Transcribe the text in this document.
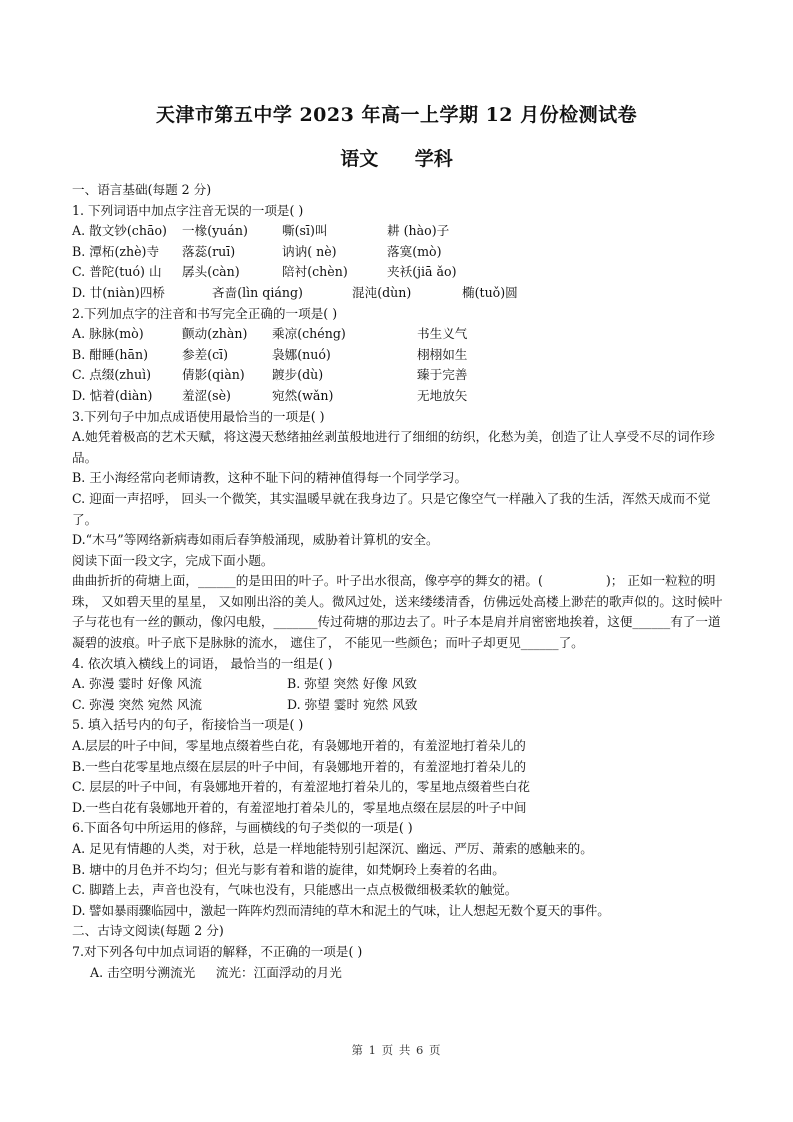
天津市第五中学 2023 年高一上学期 12 月份检测试卷
语文 学科
一、语言基础(每题 2 分)
1. 下列词语中加点字注音无误的一项是( )
A. 散文钞(chāo)	一椽(yuán)	嘶(sī)叫	耕 (hào)子
B. 潭柘(zhè)寺	落蕊(ruī)	讷讷( nè)	落寞(mò)
C. 普陀(tuó) 山	孱头(càn)	陪衬(chèn)	夹袄(jiā ǎo)
D. 廿(niàn)四桥	吝啬(lìn qiáng)	混沌(dùn)	椭(tuǒ)圆
2.下列加点字的注音和书写完全正确的一项是( )
A. 脉脉(mò)	颤动(zhàn)	乘凉(chéng)	书生义气
B. 酣睡(hān)	参差(cī)	袅娜(nuó)	栩栩如生
C. 点缀(zhuì)	倩影(qiàn)	踱步(dù)	臻于完善
D. 惦着(diàn)	羞涩(sè)	宛然(wǎn)	无地放矢
3.下列句子中加点成语使用最恰当的一项是( )
A.她凭着极高的艺术天赋，将这漫天愁绪抽丝剥茧般地进行了细细的纺织，化愁为美，创造了让人享受不尽的词作珍品。
B. 王小海经常向老师请教，这种不耻下问的精神值得每一个同学学习。
C. 迎面一声招呼， 回头一个微笑，其实温暖早就在我身边了。只是它像空气一样融入了我的生活，浑然天成而不觉了。
D.“木马”等网络新病毒如雨后春笋般涌现，威胁着计算机的安全。
阅读下面一段文字，完成下面小题。
曲曲折折的荷塘上面，______的是田田的叶子。叶子出水很高，像亭亭的舞女的裙。(　　　　　)； 正如一粒粒的明珠， 又如碧天里的星星， 又如刚出浴的美人。微风过处，送来缕缕清香，仿佛远处高楼上渺茫的歌声似的。这时候叶子与花也有一丝的颤动，像闪电般，_______传过荷塘的那边去了。叶子本是肩并肩密密地挨着，这便______有了一道凝碧的波痕。叶子底下是脉脉的流水， 遮住了， 不能见一些颜色；而叶子却更见______了。
4. 依次填入横线上的词语， 最恰当的一组是( )
A. 弥漫 霎时 好像 风流	B. 弥望 突然 好像 风致
C. 弥漫 突然 宛然 风流	D. 弥望 霎时 宛然 风致
5. 填入括号内的句子，衔接恰当一项是( )
A.层层的叶子中间，零星地点缀着些白花，有袅娜地开着的，有羞涩地打着朵儿的
B.一些白花零星地点缀在层层的叶子中间，有袅娜地开着的，有羞涩地打着朵儿的
C. 层层的叶子中间，有袅娜地开着的，有羞涩地打着朵儿的，零星地点缀着些白花
D.一些白花有袅娜地开着的，有羞涩地打着朵儿的，零星地点缀在层层的叶子中间
6.下面各句中所运用的修辞，与画横线的句子类似的一项是( )
A. 足见有情趣的人类，对于秋，总是一样地能特别引起深沉、幽远、严厉、萧索的感触来的。
B. 塘中的月色并不均匀；但光与影有着和谐的旋律，如梵婀玲上奏着的名曲。
C. 脚踏上去，声音也没有，气味也没有，只能感出一点点极微细极柔软的触觉。
D. 譬如暴雨骤临园中，激起一阵阵灼烈而清纯的草木和泥土的气味，让人想起无数个夏天的事件。
二、古诗文阅读(每题 2 分)
7.对下列各句中加点词语的解释，不正确的一项是( )
A. 击空明兮溯流光 　 流光：江面浮动的月光
第 1 页 共 6 页
